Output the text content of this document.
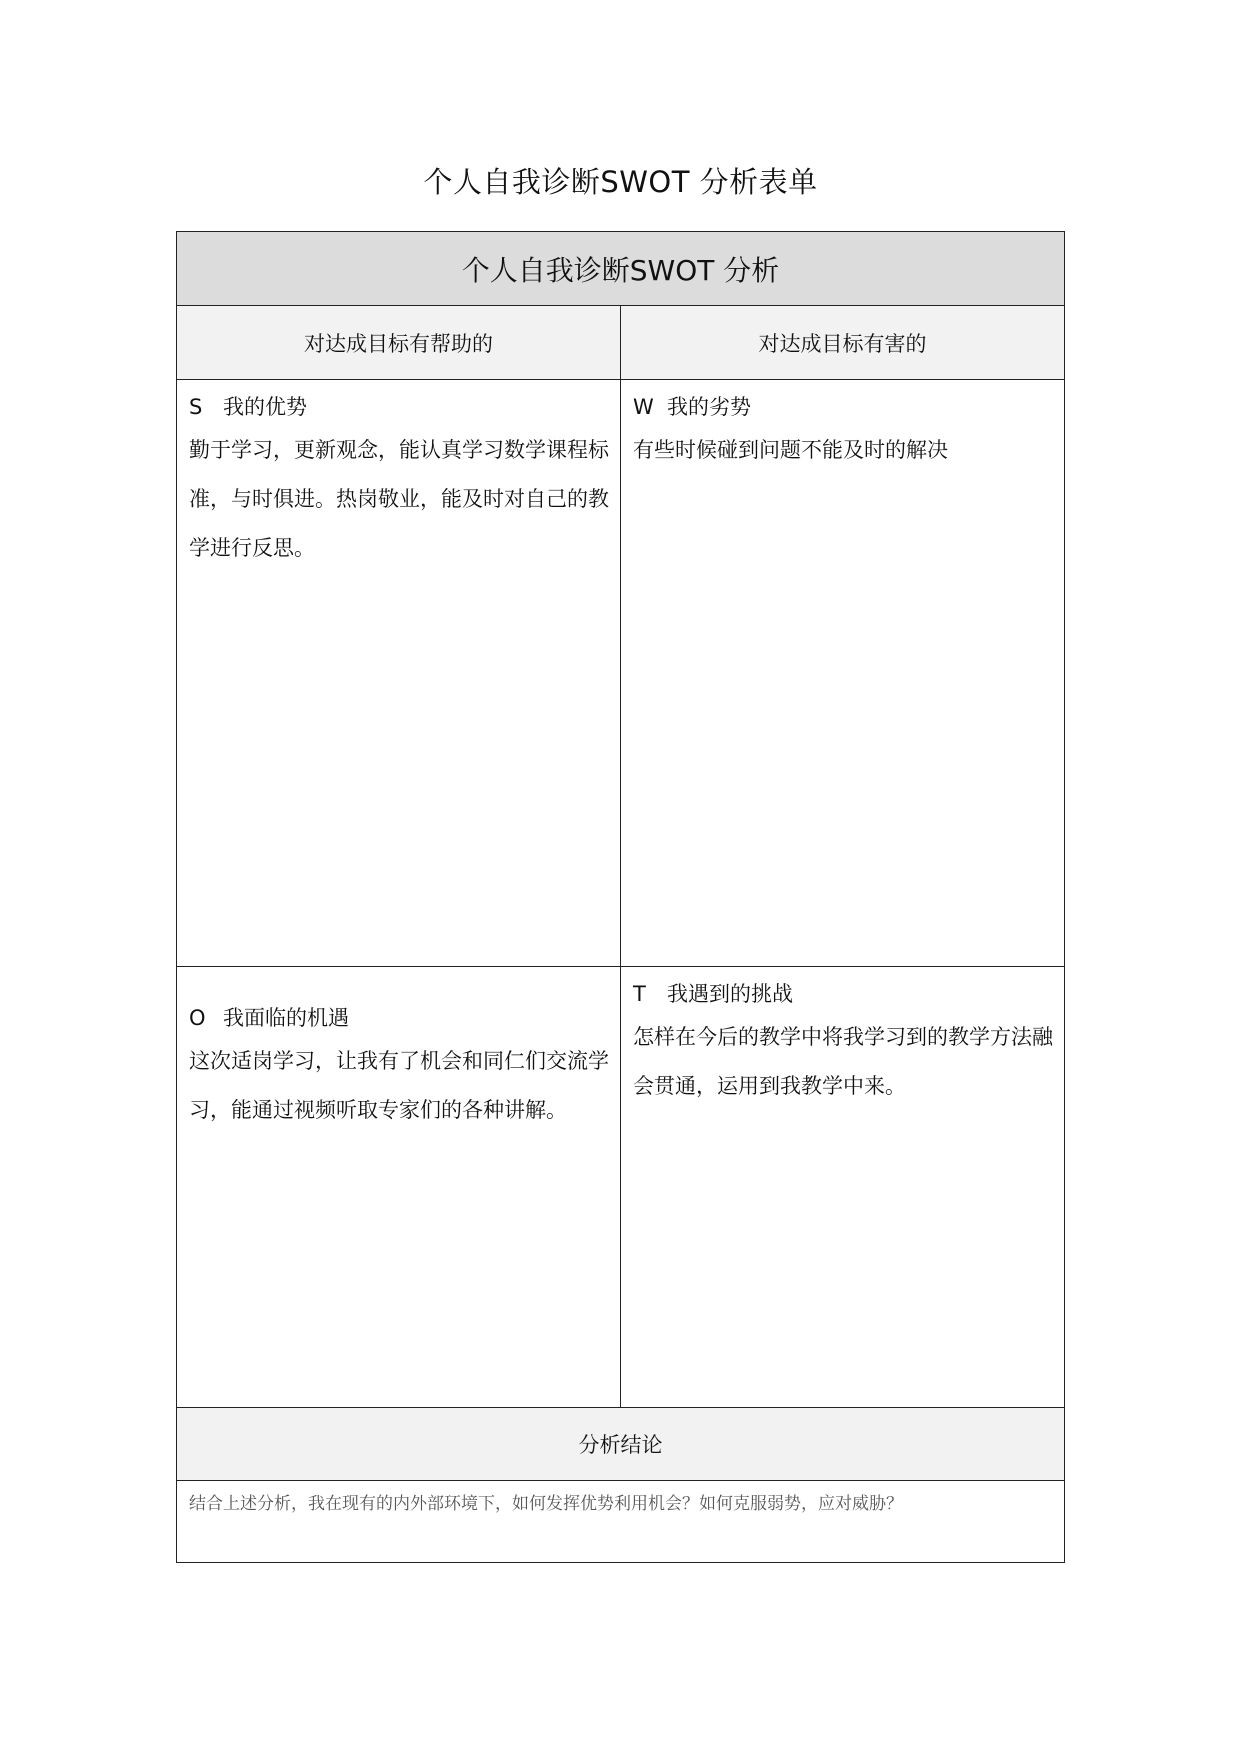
个人自我诊断SWOT 分析表单
个人自我诊断SWOT 分析
对达成目标有帮助的	对达成目标有害的
S 我的优势

勤于学习，更新观念，能认真学习数学课程标准，与时俱进。热岗敬业，能及时对自己的教学进行反思。

W 我的劣势

有些时候碰到问题不能及时的解决

O 我面临的机遇

这次适岗学习，让我有了机会和同仁们交流学习，能通过视频听取专家们的各种讲解。

T 我遇到的挑战

怎样在今后的教学中将我学习到的教学方法融会贯通，运用到我教学中来。

分析结论
结合上述分析，我在现有的内外部环境下，如何发挥优势利用机会？如何克服弱势，应对威胁？
